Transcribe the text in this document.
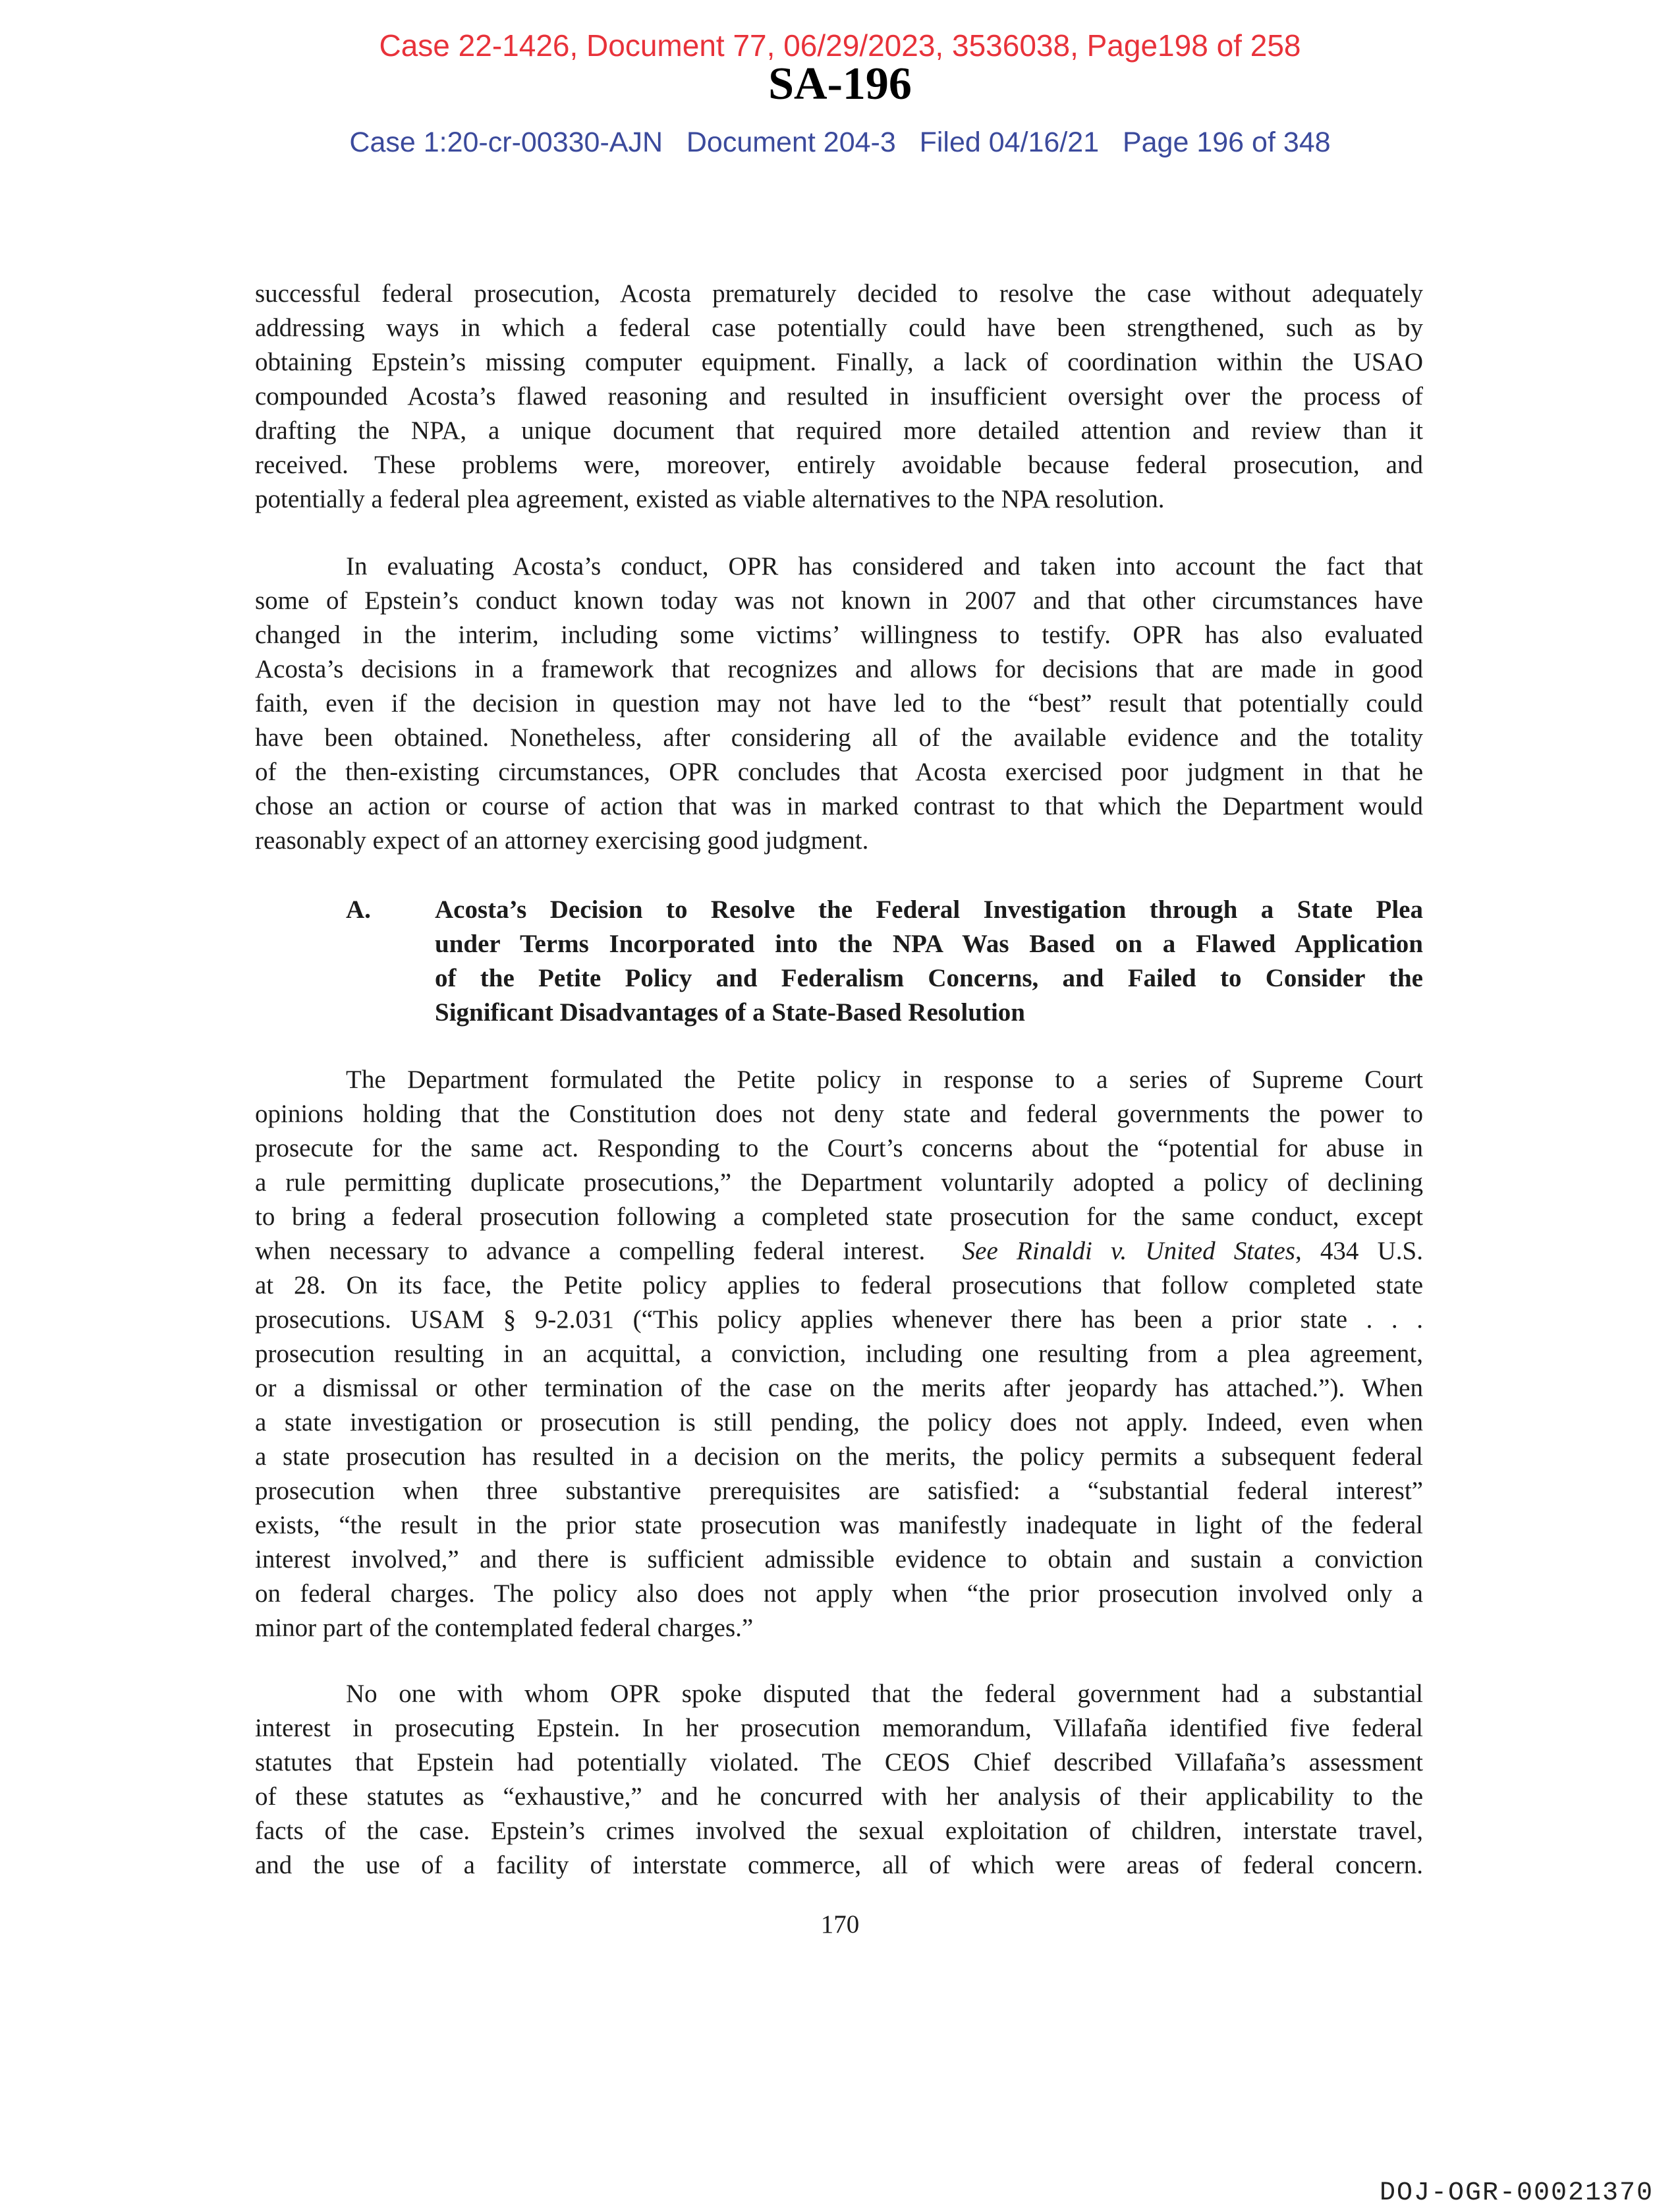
Case 22-1426, Document 77, 06/29/2023, 3536038, Page198 of 258
SA-196
Case 1:20-cr-00330-AJN   Document 204-3   Filed 04/16/21   Page 196 of 348
successful federal prosecution, Acosta prematurely decided to resolve the case without adequately
addressing ways in which a federal case potentially could have been strengthened, such as by
obtaining Epstein’s missing computer equipment. Finally, a lack of coordination within the USAO
compounded Acosta’s flawed reasoning and resulted in insufficient oversight over the process of
drafting the NPA, a unique document that required more detailed attention and review than it
received. These problems were, moreover, entirely avoidable because federal prosecution, and
potentially a federal plea agreement, existed as viable alternatives to the NPA resolution.
In evaluating Acosta’s conduct, OPR has considered and taken into account the fact that
some of Epstein’s conduct known today was not known in 2007 and that other circumstances have
changed in the interim, including some victims’ willingness to testify. OPR has also evaluated
Acosta’s decisions in a framework that recognizes and allows for decisions that are made in good
faith, even if the decision in question may not have led to the “best” result that potentially could
have been obtained. Nonetheless, after considering all of the available evidence and the totality
of the then-existing circumstances, OPR concludes that Acosta exercised poor judgment in that he
chose an action or course of action that was in marked contrast to that which the Department would
reasonably expect of an attorney exercising good judgment.
A. Acosta’s Decision to Resolve the Federal Investigation through a State Plea
under Terms Incorporated into the NPA Was Based on a Flawed Application
of the Petite Policy and Federalism Concerns, and Failed to Consider the
Significant Disadvantages of a State-Based Resolution
The Department formulated the Petite policy in response to a series of Supreme Court
opinions holding that the Constitution does not deny state and federal governments the power to
prosecute for the same act. Responding to the Court’s concerns about the “potential for abuse in
a rule permitting duplicate prosecutions,” the Department voluntarily adopted a policy of declining
to bring a federal prosecution following a completed state prosecution for the same conduct, except
when necessary to advance a compelling federal interest. See Rinaldi v. United States, 434 U.S.
at 28. On its face, the Petite policy applies to federal prosecutions that follow completed state
prosecutions. USAM § 9-2.031 (“This policy applies whenever there has been a prior state . . .
prosecution resulting in an acquittal, a conviction, including one resulting from a plea agreement,
or a dismissal or other termination of the case on the merits after jeopardy has attached.”). When
a state investigation or prosecution is still pending, the policy does not apply. Indeed, even when
a state prosecution has resulted in a decision on the merits, the policy permits a subsequent federal
prosecution when three substantive prerequisites are satisfied: a “substantial federal interest”
exists, “the result in the prior state prosecution was manifestly inadequate in light of the federal
interest involved,” and there is sufficient admissible evidence to obtain and sustain a conviction
on federal charges. The policy also does not apply when “the prior prosecution involved only a
minor part of the contemplated federal charges.”
No one with whom OPR spoke disputed that the federal government had a substantial
interest in prosecuting Epstein. In her prosecution memorandum, Villafaña identified five federal
statutes that Epstein had potentially violated. The CEOS Chief described Villafaña’s assessment
of these statutes as “exhaustive,” and he concurred with her analysis of their applicability to the
facts of the case. Epstein’s crimes involved the sexual exploitation of children, interstate travel,
and the use of a facility of interstate commerce, all of which were areas of federal concern.
170
DOJ-OGR-00021370
